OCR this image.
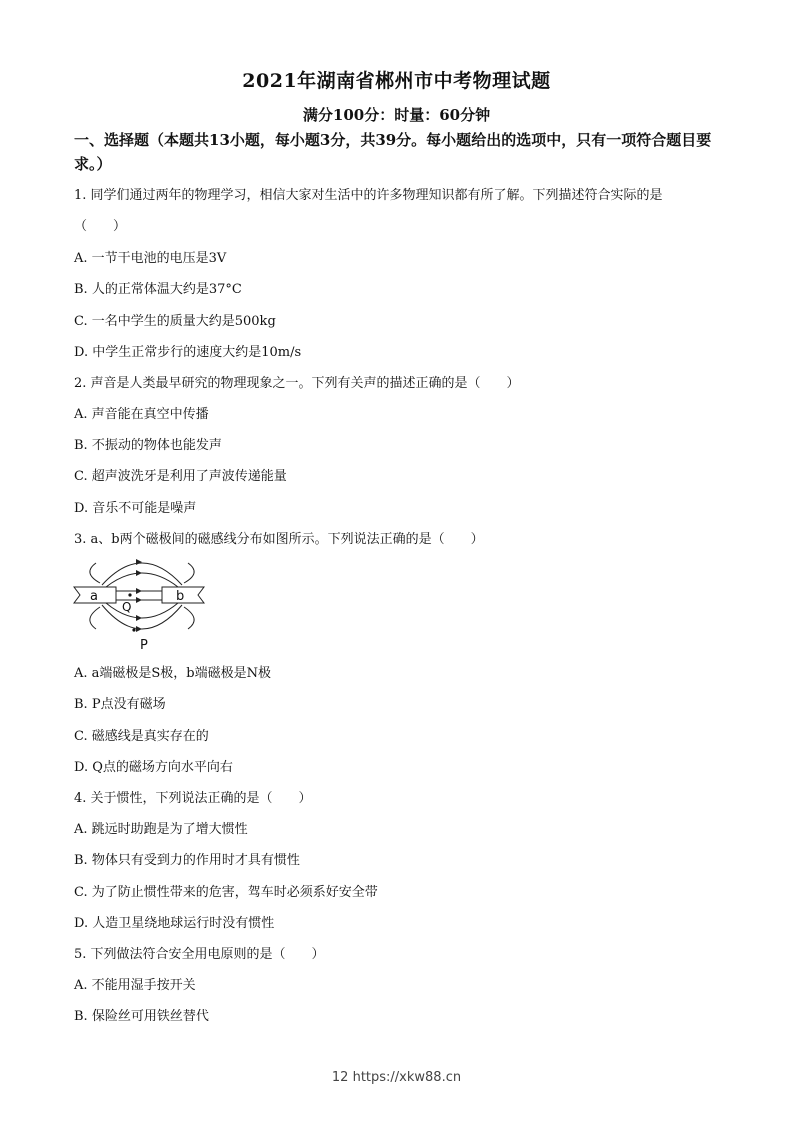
2021年湖南省郴州市中考物理试题
满分100分：时量：60分钟
一、选择题（本题共13小题，每小题3分，共39分。每小题给出的选项中，只有一项符合题目要求。）
1. 同学们通过两年的物理学习，相信大家对生活中的许多物理知识都有所了解。下列描述符合实际的是
（　　）
A. 一节干电池的电压是3V
B. 人的正常体温大约是37°C
C. 一名中学生的质量大约是500kg
D. 中学生正常步行的速度大约是10m/s
2. 声音是人类最早研究的物理现象之一。下列有关声的描述正确的是（　　）
A. 声音能在真空中传播
B. 不振动的物体也能发声
C. 超声波洗牙是利用了声波传递能量
D. 音乐不可能是噪声
3. a、b两个磁极间的磁感线分布如图所示。下列说法正确的是（　　）
a	b
Q
P
A. a端磁极是S极，b端磁极是N极
B. P点没有磁场
C. 磁感线是真实存在的
D. Q点的磁场方向水平向右
4. 关于惯性，下列说法正确的是（　　）
A. 跳远时助跑是为了增大惯性
B. 物体只有受到力的作用时才具有惯性
C. 为了防止惯性带来的危害，驾车时必须系好安全带
D. 人造卫星绕地球运行时没有惯性
5. 下列做法符合安全用电原则的是（　　）
A. 不能用湿手按开关
B. 保险丝可用铁丝替代
12 https://xkw88.cn
